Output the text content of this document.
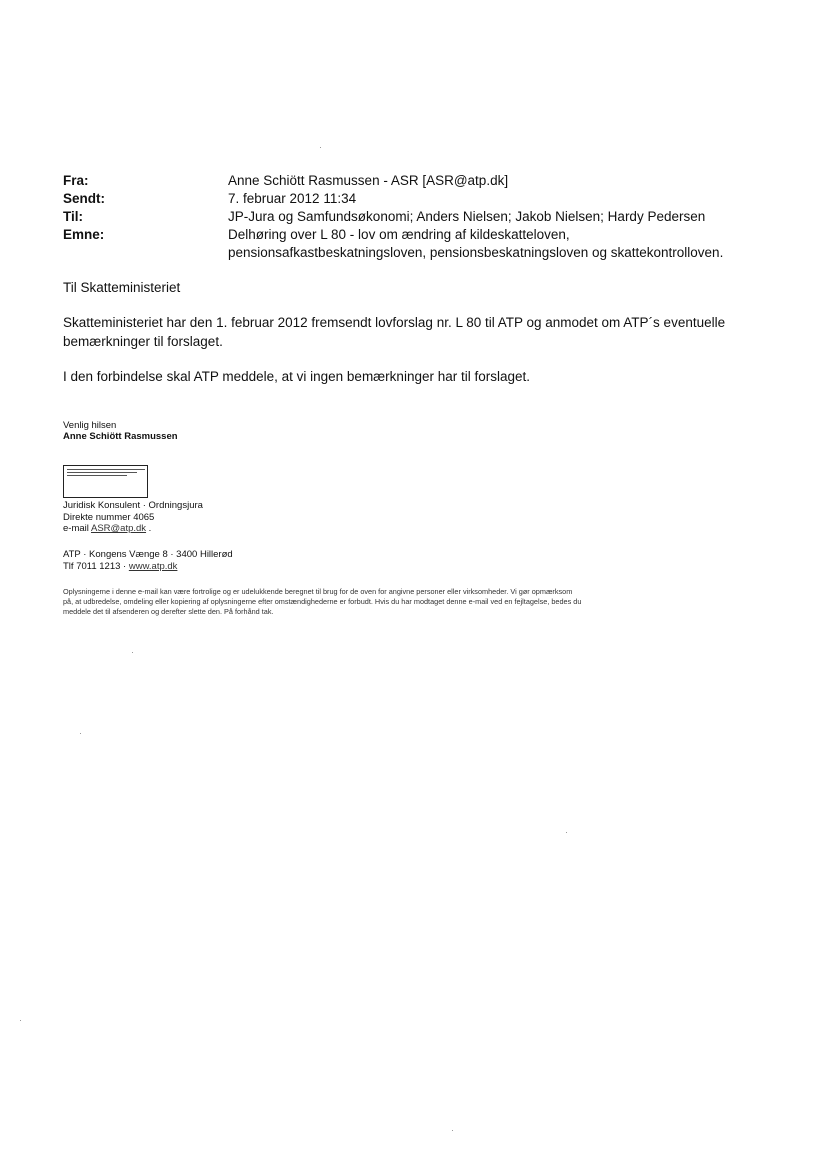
Fra:	Anne Schiött Rasmussen - ASR [ASR@atp.dk]
Sendt:	7. februar 2012 11:34
Til:	JP-Jura og Samfundsøkonomi; Anders Nielsen; Jakob Nielsen; Hardy Pedersen
Emne:	Delhøring over L 80 - lov om ændring af kildeskatteloven,
pensionsafkastbeskatningsloven, pensionsbeskatningsloven og skattekontrolloven.
Til Skatteministeriet
Skatteministeriet har den 1. februar 2012 fremsendt lovforslag nr. L 80 til ATP og anmodet om ATP´s eventuelle
bemærkninger til forslaget.
I den forbindelse skal ATP meddele, at vi ingen bemærkninger har til forslaget.
Venlig hilsen
Anne Schiött Rasmussen
Juridisk Konsulent · Ordningsjura
Direkte nummer 4065
e-mail ASR@atp.dk .
ATP · Kongens Vænge 8 · 3400 Hillerød
Tlf 7011 1213 · www.atp.dk
Oplysningerne i denne e-mail kan være fortrolige og er udelukkende beregnet til brug for de oven for angivne personer eller virksomheder. Vi gør opmærksom
på, at udbredelse, omdeling eller kopiering af oplysningerne efter omstændighederne er forbudt. Hvis du har modtaget denne e-mail ved en fejltagelse, bedes du
meddele det til afsenderen og derefter slette den. På forhånd tak.
